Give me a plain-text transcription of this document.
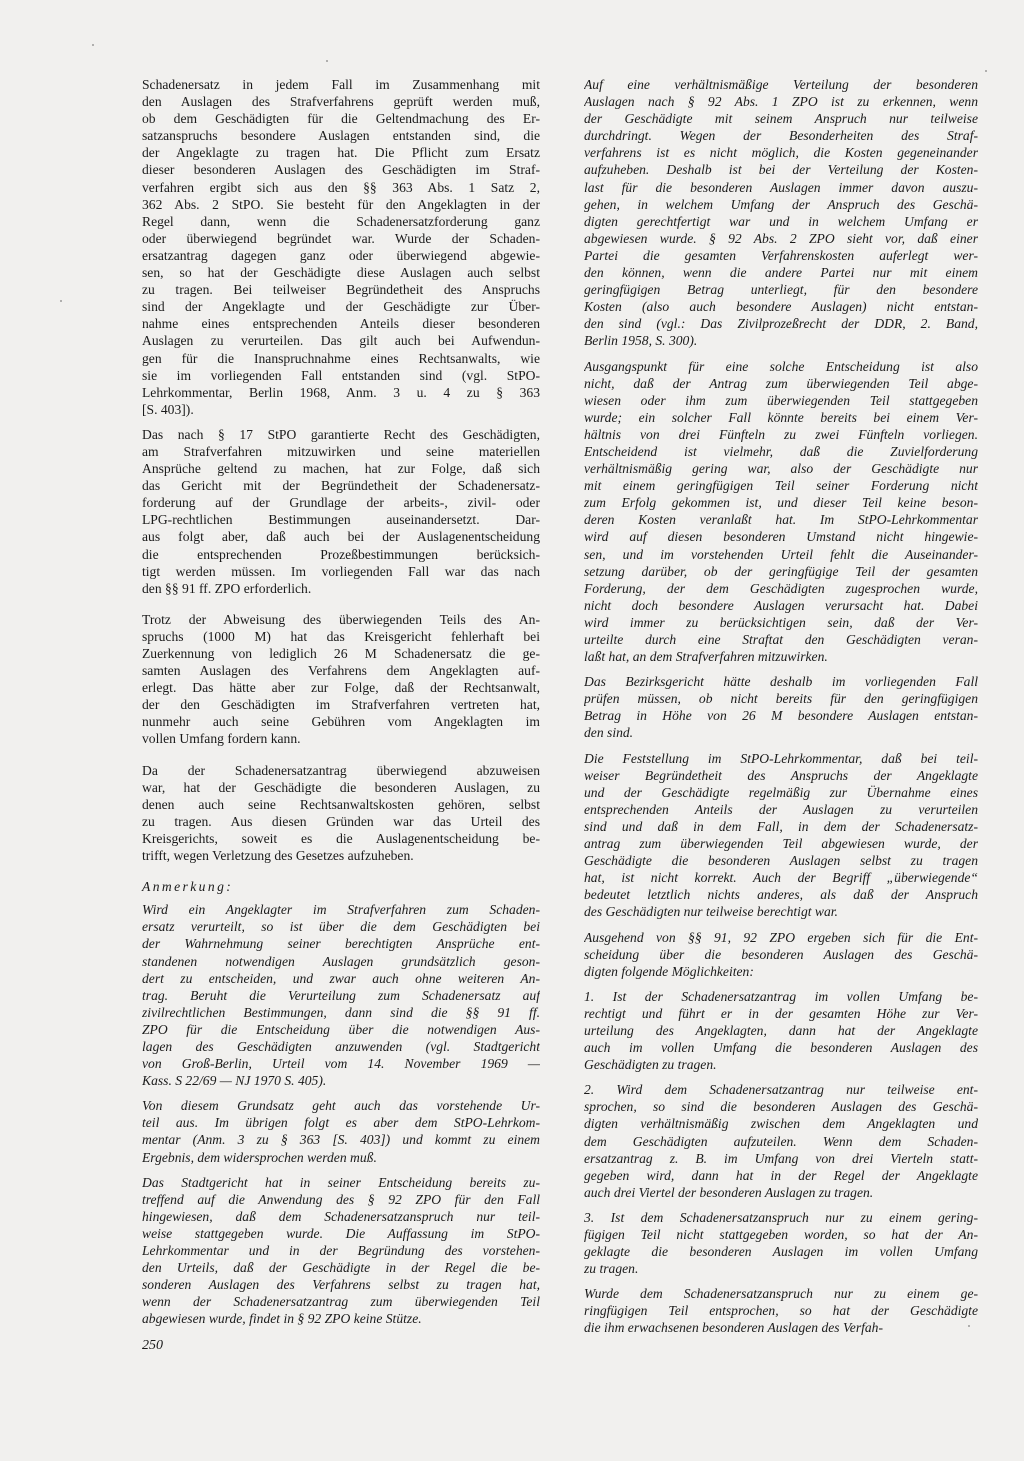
Schadenersatz in jedem Fall im Zusammenhang mit
den Auslagen des Strafverfahrens geprüft werden muß,
ob dem Geschädigten für die Geltendmachung des Er-
satzanspruchs besondere Auslagen entstanden sind, die
der Angeklagte zu tragen hat. Die Pflicht zum Ersatz
dieser besonderen Auslagen des Geschädigten im Straf-
verfahren ergibt sich aus den §§ 363 Abs. 1 Satz 2,
362 Abs. 2 StPO. Sie besteht für den Angeklagten in der
Regel dann, wenn die Schadenersatzforderung ganz
oder überwiegend begründet war. Wurde der Schaden-
ersatzantrag dagegen ganz oder überwiegend abgewie-
sen, so hat der Geschädigte diese Auslagen auch selbst
zu tragen. Bei teilweiser Begründetheit des Anspruchs
sind der Angeklagte und der Geschädigte zur Über-
nahme eines entsprechenden Anteils dieser besonderen
Auslagen zu verurteilen. Das gilt auch bei Aufwendun-
gen für die Inanspruchnahme eines Rechtsanwalts, wie
sie im vorliegenden Fall entstanden sind (vgl. StPO-
Lehrkommentar, Berlin 1968, Anm. 3 u. 4 zu § 363
[S. 403]).
Das nach § 17 StPO garantierte Recht des Geschädigten,
am Strafverfahren mitzuwirken und seine materiellen
Ansprüche geltend zu machen, hat zur Folge, daß sich
das Gericht mit der Begründetheit der Schadenersatz-
forderung auf der Grundlage der arbeits-, zivil- oder
LPG-rechtlichen Bestimmungen auseinandersetzt. Dar-
aus folgt aber, daß auch bei der Auslagenentscheidung
die entsprechenden Prozeßbestimmungen berücksich-
tigt werden müssen. Im vorliegenden Fall war das nach
den §§ 91 ff. ZPO erforderlich.
Trotz der Abweisung des überwiegenden Teils des An-
spruchs (1000 M) hat das Kreisgericht fehlerhaft bei
Zuerkennung von lediglich 26 M Schadenersatz die ge-
samten Auslagen des Verfahrens dem Angeklagten auf-
erlegt. Das hätte aber zur Folge, daß der Rechtsanwalt,
der den Geschädigten im Strafverfahren vertreten hat,
nunmehr auch seine Gebühren vom Angeklagten im
vollen Umfang fordern kann.
Da der Schadenersatzantrag überwiegend abzuweisen
war, hat der Geschädigte die besonderen Auslagen, zu
denen auch seine Rechtsanwaltskosten gehören, selbst
zu tragen. Aus diesen Gründen war das Urteil des
Kreisgerichts, soweit es die Auslagenentscheidung be-
trifft, wegen Verletzung des Gesetzes aufzuheben.
Anmerkung:
Wird ein Angeklagter im Strafverfahren zum Schaden-
ersatz verurteilt, so ist über die dem Geschädigten bei
der Wahrnehmung seiner berechtigten Ansprüche ent-
standenen notwendigen Auslagen grundsätzlich geson-
dert zu entscheiden, und zwar auch ohne weiteren An-
trag. Beruht die Verurteilung zum Schadenersatz auf
zivilrechtlichen Bestimmungen, dann sind die §§ 91 ff.
ZPO für die Entscheidung über die notwendigen Aus-
lagen des Geschädigten anzuwenden (vgl. Stadtgericht
von Groß-Berlin, Urteil vom 14. November 1969 —
Kass. S 22/69 — NJ 1970 S. 405).
Von diesem Grundsatz geht auch das vorstehende Ur-
teil aus. Im übrigen folgt es aber dem StPO-Lehrkom-
mentar (Anm. 3 zu § 363 [S. 403]) und kommt zu einem
Ergebnis, dem widersprochen werden muß.
Das Stadtgericht hat in seiner Entscheidung bereits zu-
treffend auf die Anwendung des § 92 ZPO für den Fall
hingewiesen, daß dem Schadenersatzanspruch nur teil-
weise stattgegeben wurde. Die Auffassung im StPO-
Lehrkommentar und in der Begründung des vorstehen-
den Urteils, daß der Geschädigte in der Regel die be-
sonderen Auslagen des Verfahrens selbst zu tragen hat,
wenn der Schadenersatzantrag zum überwiegenden Teil
abgewiesen wurde, findet in § 92 ZPO keine Stütze.
Auf eine verhältnismäßige Verteilung der besonderen
Auslagen nach § 92 Abs. 1 ZPO ist zu erkennen, wenn
der Geschädigte mit seinem Anspruch nur teilweise
durchdringt. Wegen der Besonderheiten des Straf-
verfahrens ist es nicht möglich, die Kosten gegeneinander
aufzuheben. Deshalb ist bei der Verteilung der Kosten-
last für die besonderen Auslagen immer davon auszu-
gehen, in welchem Umfang der Anspruch des Geschä-
digten gerechtfertigt war und in welchem Umfang er
abgewiesen wurde. § 92 Abs. 2 ZPO sieht vor, daß einer
Partei die gesamten Verfahrenskosten auferlegt wer-
den können, wenn die andere Partei nur mit einem
geringfügigen Betrag unterliegt, für den besondere
Kosten (also auch besondere Auslagen) nicht entstan-
den sind (vgl.: Das Zivilprozeßrecht der DDR, 2. Band,
Berlin 1958, S. 300).
Ausgangspunkt für eine solche Entscheidung ist also
nicht, daß der Antrag zum überwiegenden Teil abge-
wiesen oder ihm zum überwiegenden Teil stattgegeben
wurde; ein solcher Fall könnte bereits bei einem Ver-
hältnis von drei Fünfteln zu zwei Fünfteln vorliegen.
Entscheidend ist vielmehr, daß die Zuvielforderung
verhältnismäßig gering war, also der Geschädigte nur
mit einem geringfügigen Teil seiner Forderung nicht
zum Erfolg gekommen ist, und dieser Teil keine beson-
deren Kosten veranlaßt hat. Im StPO-Lehrkommentar
wird auf diesen besonderen Umstand nicht hingewie-
sen, und im vorstehenden Urteil fehlt die Auseinander-
setzung darüber, ob der geringfügige Teil der gesamten
Forderung, der dem Geschädigten zugesprochen wurde,
nicht doch besondere Auslagen verursacht hat. Dabei
wird immer zu berücksichtigen sein, daß der Ver-
urteilte durch eine Straftat den Geschädigten veran-
laßt hat, an dem Strafverfahren mitzuwirken.
Das Bezirksgericht hätte deshalb im vorliegenden Fall
prüfen müssen, ob nicht bereits für den geringfügigen
Betrag in Höhe von 26 M besondere Auslagen entstan-
den sind.
Die Feststellung im StPO-Lehrkommentar, daß bei teil-
weiser Begründetheit des Anspruchs der Angeklagte
und der Geschädigte regelmäßig zur Übernahme eines
entsprechenden Anteils der Auslagen zu verurteilen
sind und daß in dem Fall, in dem der Schadenersatz-
antrag zum überwiegenden Teil abgewiesen wurde, der
Geschädigte die besonderen Auslagen selbst zu tragen
hat, ist nicht korrekt. Auch der Begriff „überwiegende“
bedeutet letztlich nichts anderes, als daß der Anspruch
des Geschädigten nur teilweise berechtigt war.
Ausgehend von §§ 91, 92 ZPO ergeben sich für die Ent-
scheidung über die besonderen Auslagen des Geschä-
digten folgende Möglichkeiten:
1. Ist der Schadenersatzantrag im vollen Umfang be-
rechtigt und führt er in der gesamten Höhe zur Ver-
urteilung des Angeklagten, dann hat der Angeklagte
auch im vollen Umfang die besonderen Auslagen des
Geschädigten zu tragen.
2. Wird dem Schadenersatzantrag nur teilweise ent-
sprochen, so sind die besonderen Auslagen des Geschä-
digten verhältnismäßig zwischen dem Angeklagten und
dem Geschädigten aufzuteilen. Wenn dem Schaden-
ersatzantrag z. B. im Umfang von drei Vierteln statt-
gegeben wird, dann hat in der Regel der Angeklagte
auch drei Viertel der besonderen Auslagen zu tragen.
3. Ist dem Schadenersatzanspruch nur zu einem gering-
fügigen Teil nicht stattgegeben worden, so hat der An-
geklagte die besonderen Auslagen im vollen Umfang
zu tragen.
Wurde dem Schadenersatzanspruch nur zu einem ge-
ringfügigen Teil entsprochen, so hat der Geschädigte
die ihm erwachsenen besonderen Auslagen des Verfah-
250
